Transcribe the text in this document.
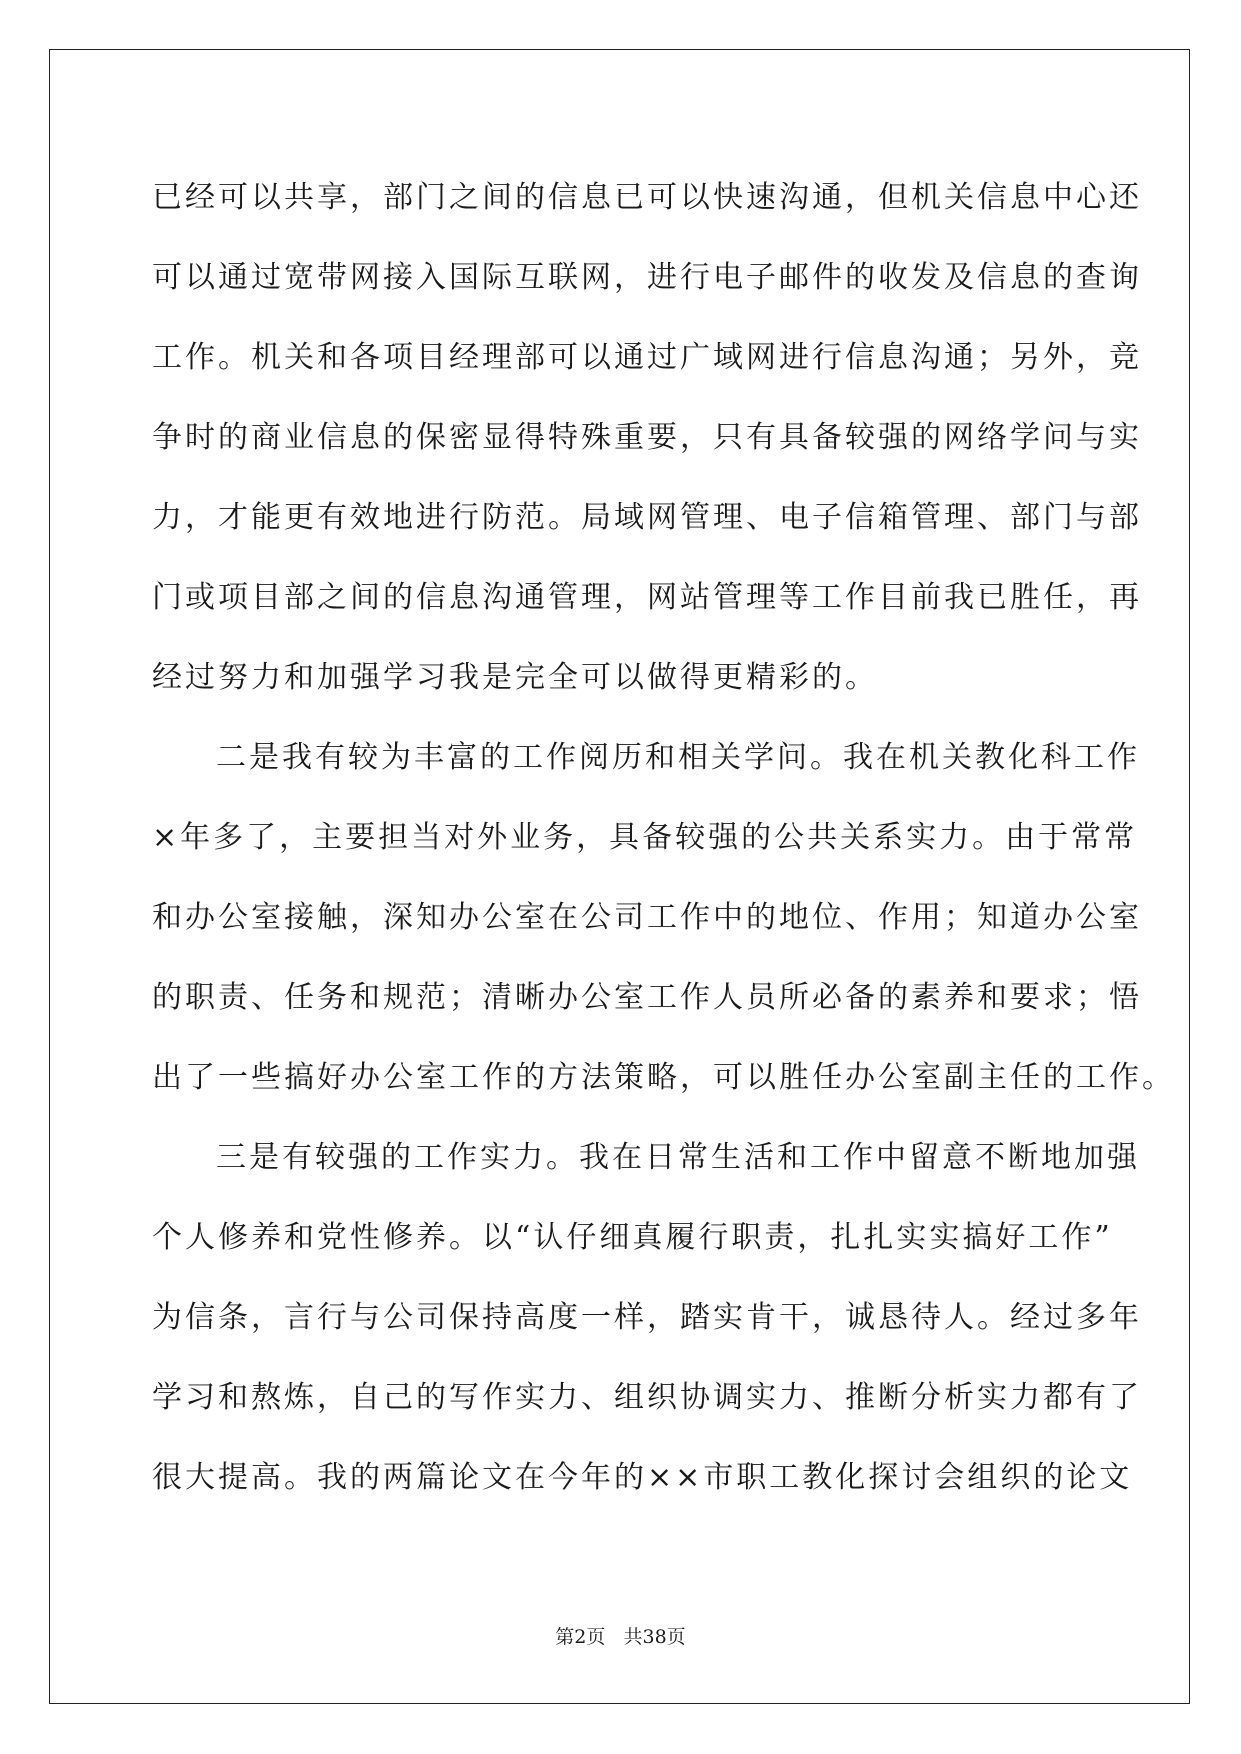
已经可以共享，部门之间的信息已可以快速沟通，但机关信息中心还
可以通过宽带网接入国际互联网，进行电子邮件的收发及信息的查询
工作。机关和各项目经理部可以通过广域网进行信息沟通；另外，竞
争时的商业信息的保密显得特殊重要，只有具备较强的网络学问与实
力，才能更有效地进行防范。局域网管理、电子信箱管理、部门与部
门或项目部之间的信息沟通管理，网站管理等工作目前我已胜任，再
经过努力和加强学习我是完全可以做得更精彩的。
二是我有较为丰富的工作阅历和相关学问。我在机关教化科工作
×年多了，主要担当对外业务，具备较强的公共关系实力。由于常常
和办公室接触，深知办公室在公司工作中的地位、作用；知道办公室
的职责、任务和规范；清晰办公室工作人员所必备的素养和要求；悟
出了一些搞好办公室工作的方法策略，可以胜任办公室副主任的工作。
三是有较强的工作实力。我在日常生活和工作中留意不断地加强
个人修养和党性修养。以“认仔细真履行职责，扎扎实实搞好工作”
为信条，言行与公司保持高度一样，踏实肯干，诚恳待人。经过多年
学习和熬炼，自己的写作实力、组织协调实力、推断分析实力都有了
很大提高。我的两篇论文在今年的××市职工教化探讨会组织的论文
第2页   共38页
